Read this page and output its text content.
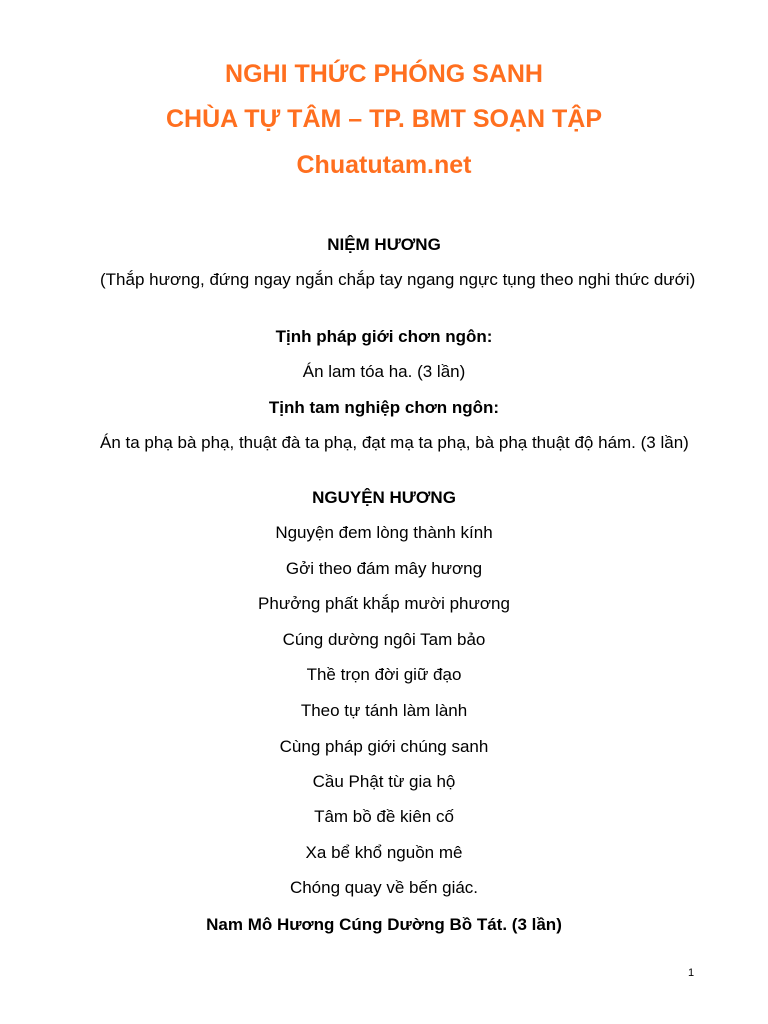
NGHI THỨC PHÓNG SANH
CHÙA TỰ TÂM – TP. BMT SOẠN TẬP
Chuatutam.net
NIỆM HƯƠNG
(Thắp hương, đứng ngay ngắn chắp tay ngang ngực tụng theo nghi thức dưới)
Tịnh pháp giới chơn ngôn:
Án lam tóa ha. (3 lần)
Tịnh tam nghiệp chơn ngôn:
Án ta phạ bà phạ, thuật đà ta phạ, đạt mạ ta phạ, bà phạ thuật độ hám. (3 lần)
NGUYỆN HƯƠNG
Nguyện đem lòng thành kính
Gởi theo đám mây hương
Phưởng phất khắp mười phương
Cúng dường ngôi Tam bảo
Thề trọn đời giữ đạo
Theo tự tánh làm lành
Cùng pháp giới chúng sanh
Cầu Phật từ gia hộ
Tâm bồ đề kiên cố
Xa bể khổ nguồn mê
Chóng quay về bến giác.
Nam Mô Hương Cúng Dường Bồ Tát. (3 lần)
1
